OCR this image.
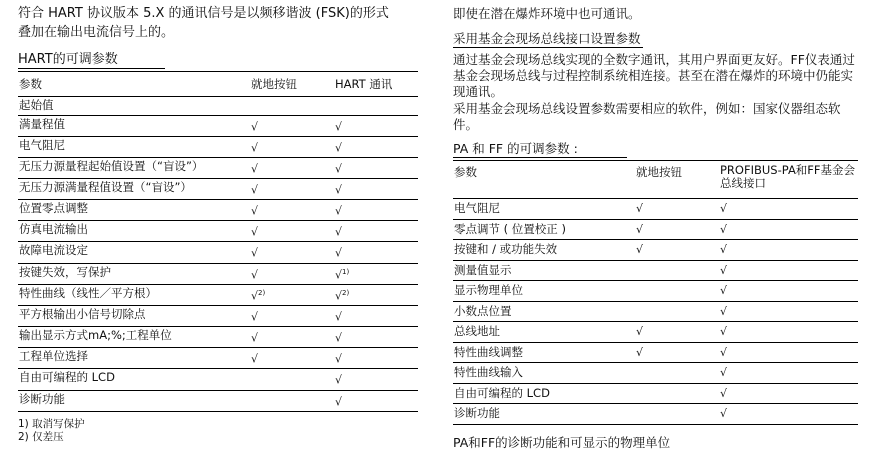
符合 HART 协议版本 5.X 的通讯信号是以频移谐波 (FSK)的形式

叠加在输出电流信号上的。

HART的可调参数
参数	就地按钮	HART 通讯
起始值		
满量程值	√	√
电气阻尼	√	√
无压力源量程起始值设置（“盲设”）	√	√
无压力源满量程值设置（“盲设”）	√	√
位置零点调整	√	√
仿真电流输出	√	√
故障电流设定	√	√
按键失效，写保护	√	√$^{1)}$
特性曲线（线性／平方根）	√$^{2)}$	√$^{2)}$
平方根输出小信号切除点	√	√
输出显示方式mA;%;工程单位	√	√
工程单位选择	√	√
自由可编程的 LCD		√
诊断功能		√
1) 取消写保护
2) 仅差压

即使在潜在爆炸环境中也可通讯。

采用基金会现场总线接口设置参数

通过基金会现场总线实现的全数字通讯，其用户界面更友好。FF仪表通过基金会现场总线与过程控制系统相连接。甚至在潜在爆炸的环境中仍能实现通讯。

采用基金会现场总线设置参数需要相应的软件，例如：国家仪器组态软件。

PA 和 FF 的可调参数 :
参数	就地按钮	PROFIBUS-PA和FF基金会总线接口
电气阻尼	√	√
零点调节 ( 位置校正 )	√	√
按键和 / 或功能失效	√	√
测量值显示		√
显示物理单位		√
小数点位置		√
总线地址	√	√
特性曲线调整	√	√
特性曲线输入		√
自由可编程的 LCD		√
诊断功能		√

PA和FF的诊断功能和可显示的物理单位
